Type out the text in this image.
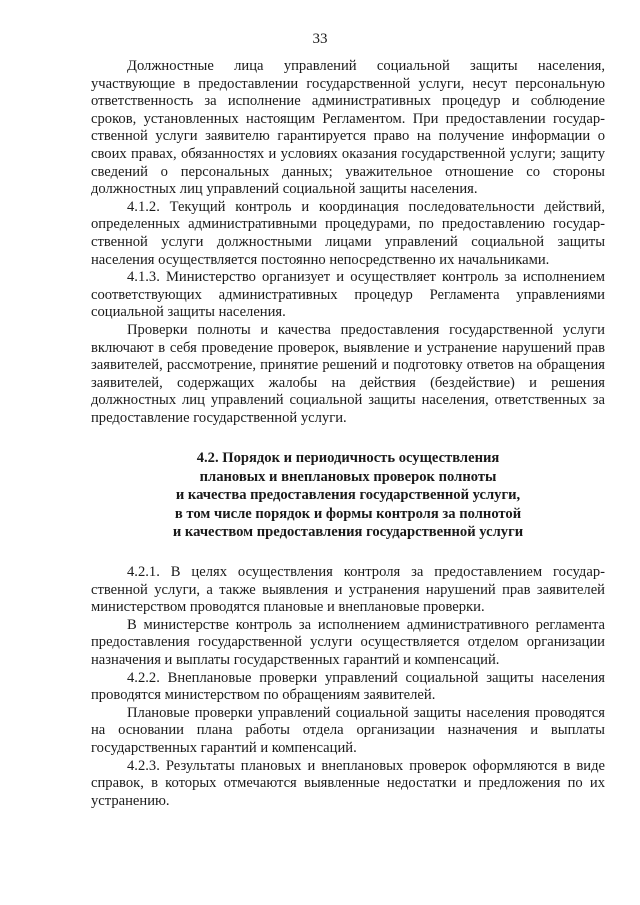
33

Должностные лица управлений социальной защиты населения, участвующие в предоставлении государственной услуги, несут персональную ответственность за исполнение административных процедур и соблюдение сроков, установленных настоящим Регламентом. При предоставлении государственной услуги заявителю гарантируется право на получение информации о своих правах, обязанностях и условиях оказания государственной услуги; защиту сведений о персональных данных; уважительное отношение со стороны должностных лиц управлений социальной защиты населения.

4.1.2. Текущий контроль и координация последовательности действий, определенных административными процедурами, по предоставлению государственной услуги должностными лицами управлений социальной защиты населения осуществляется постоянно непосредственно их начальниками.

4.1.3. Министерство организует и осуществляет контроль за исполнением соответствующих административных процедур Регламента управлениями социальной защиты населения.

Проверки полноты и качества предоставления государственной услуги включают в себя проведение проверок, выявление и устранение нарушений прав заявителей, рассмотрение, принятие решений и подготовку ответов на обращения заявителей, содержащих жалобы на действия (бездействие) и решения должностных лиц управлений социальной защиты населения, ответственных за предоставление государственной услуги.

4.2. Порядок и периодичность осуществления
плановых и внеплановых проверок полноты
и качества предоставления государственной услуги,
в том числе порядок и формы контроля за полнотой
и качеством предоставления государственной услуги

4.2.1. В целях осуществления контроля за предоставлением государственной услуги, а также выявления и устранения нарушений прав заявителей министерством проводятся плановые и внеплановые проверки.

В министерстве контроль за исполнением административного регламента предоставления государственной услуги осуществляется отделом организации назначения и выплаты государственных гарантий и компенсаций.

4.2.2. Внеплановые проверки управлений социальной защиты населения проводятся министерством по обращениям заявителей.

Плановые проверки управлений социальной защиты населения проводятся на основании плана работы отдела организации назначения и выплаты государственных гарантий и компенсаций.

4.2.3. Результаты плановых и внеплановых проверок оформляются в виде справок, в которых отмечаются выявленные недостатки и предложения по их устранению.
